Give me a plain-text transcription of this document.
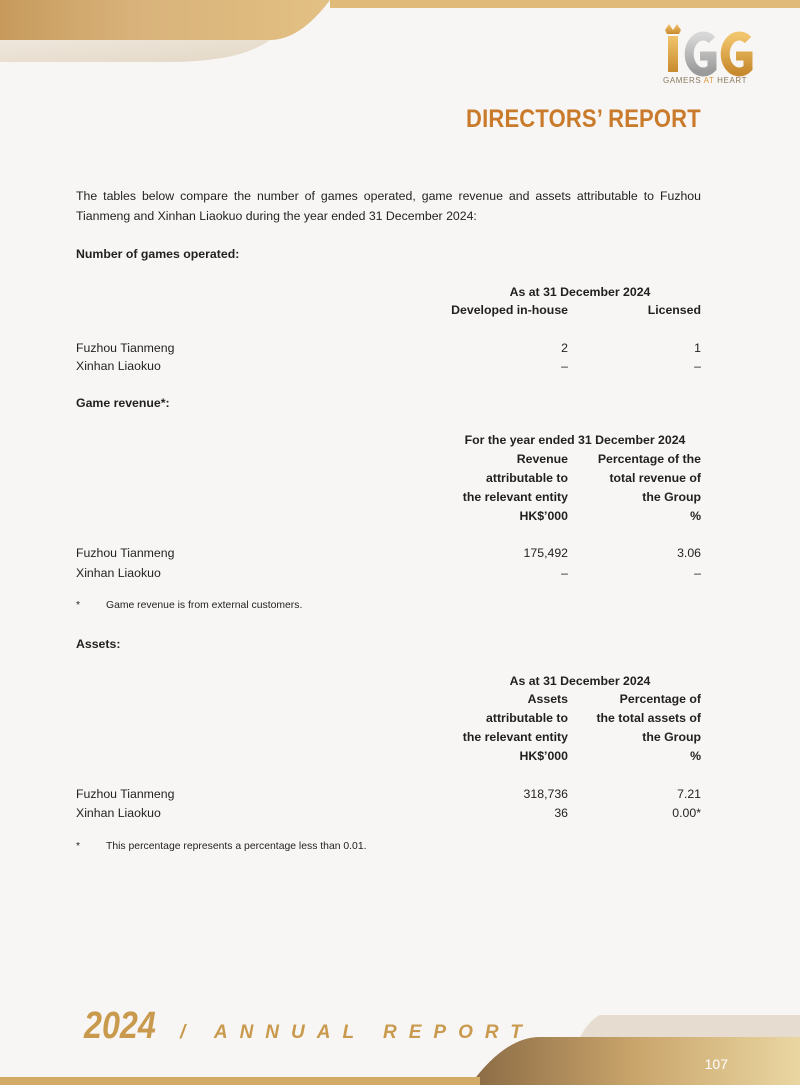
GAMERS AT HEART
DIRECTORS’ REPORT
The tables below compare the number of games operated, game revenue and assets attributable to Fuzhou Tianmeng and Xinhan Liaokuo during the year ended 31 December 2024:
Number of games operated:
As at 31 December 2024
Developed in-house	Licensed
Fuzhou Tianmeng	2	1
Xinhan Liaokuo	–	–
Game revenue*:
For the year ended 31 December 2024
Revenue
attributable to
the relevant entity
HK$’000
Percentage of the
total revenue of
the Group
%
Fuzhou Tianmeng	175,492	3.06
Xinhan Liaokuo	–	–
* Game revenue is from external customers.
Assets:
As at 31 December 2024
Assets
attributable to
the relevant entity
HK$’000
Percentage of
the total assets of
the Group
%
Fuzhou Tianmeng	318,736	7.21
Xinhan Liaokuo	36	0.00*
* This percentage represents a percentage less than 0.01.
2024 / ANNUAL REPORT
107
